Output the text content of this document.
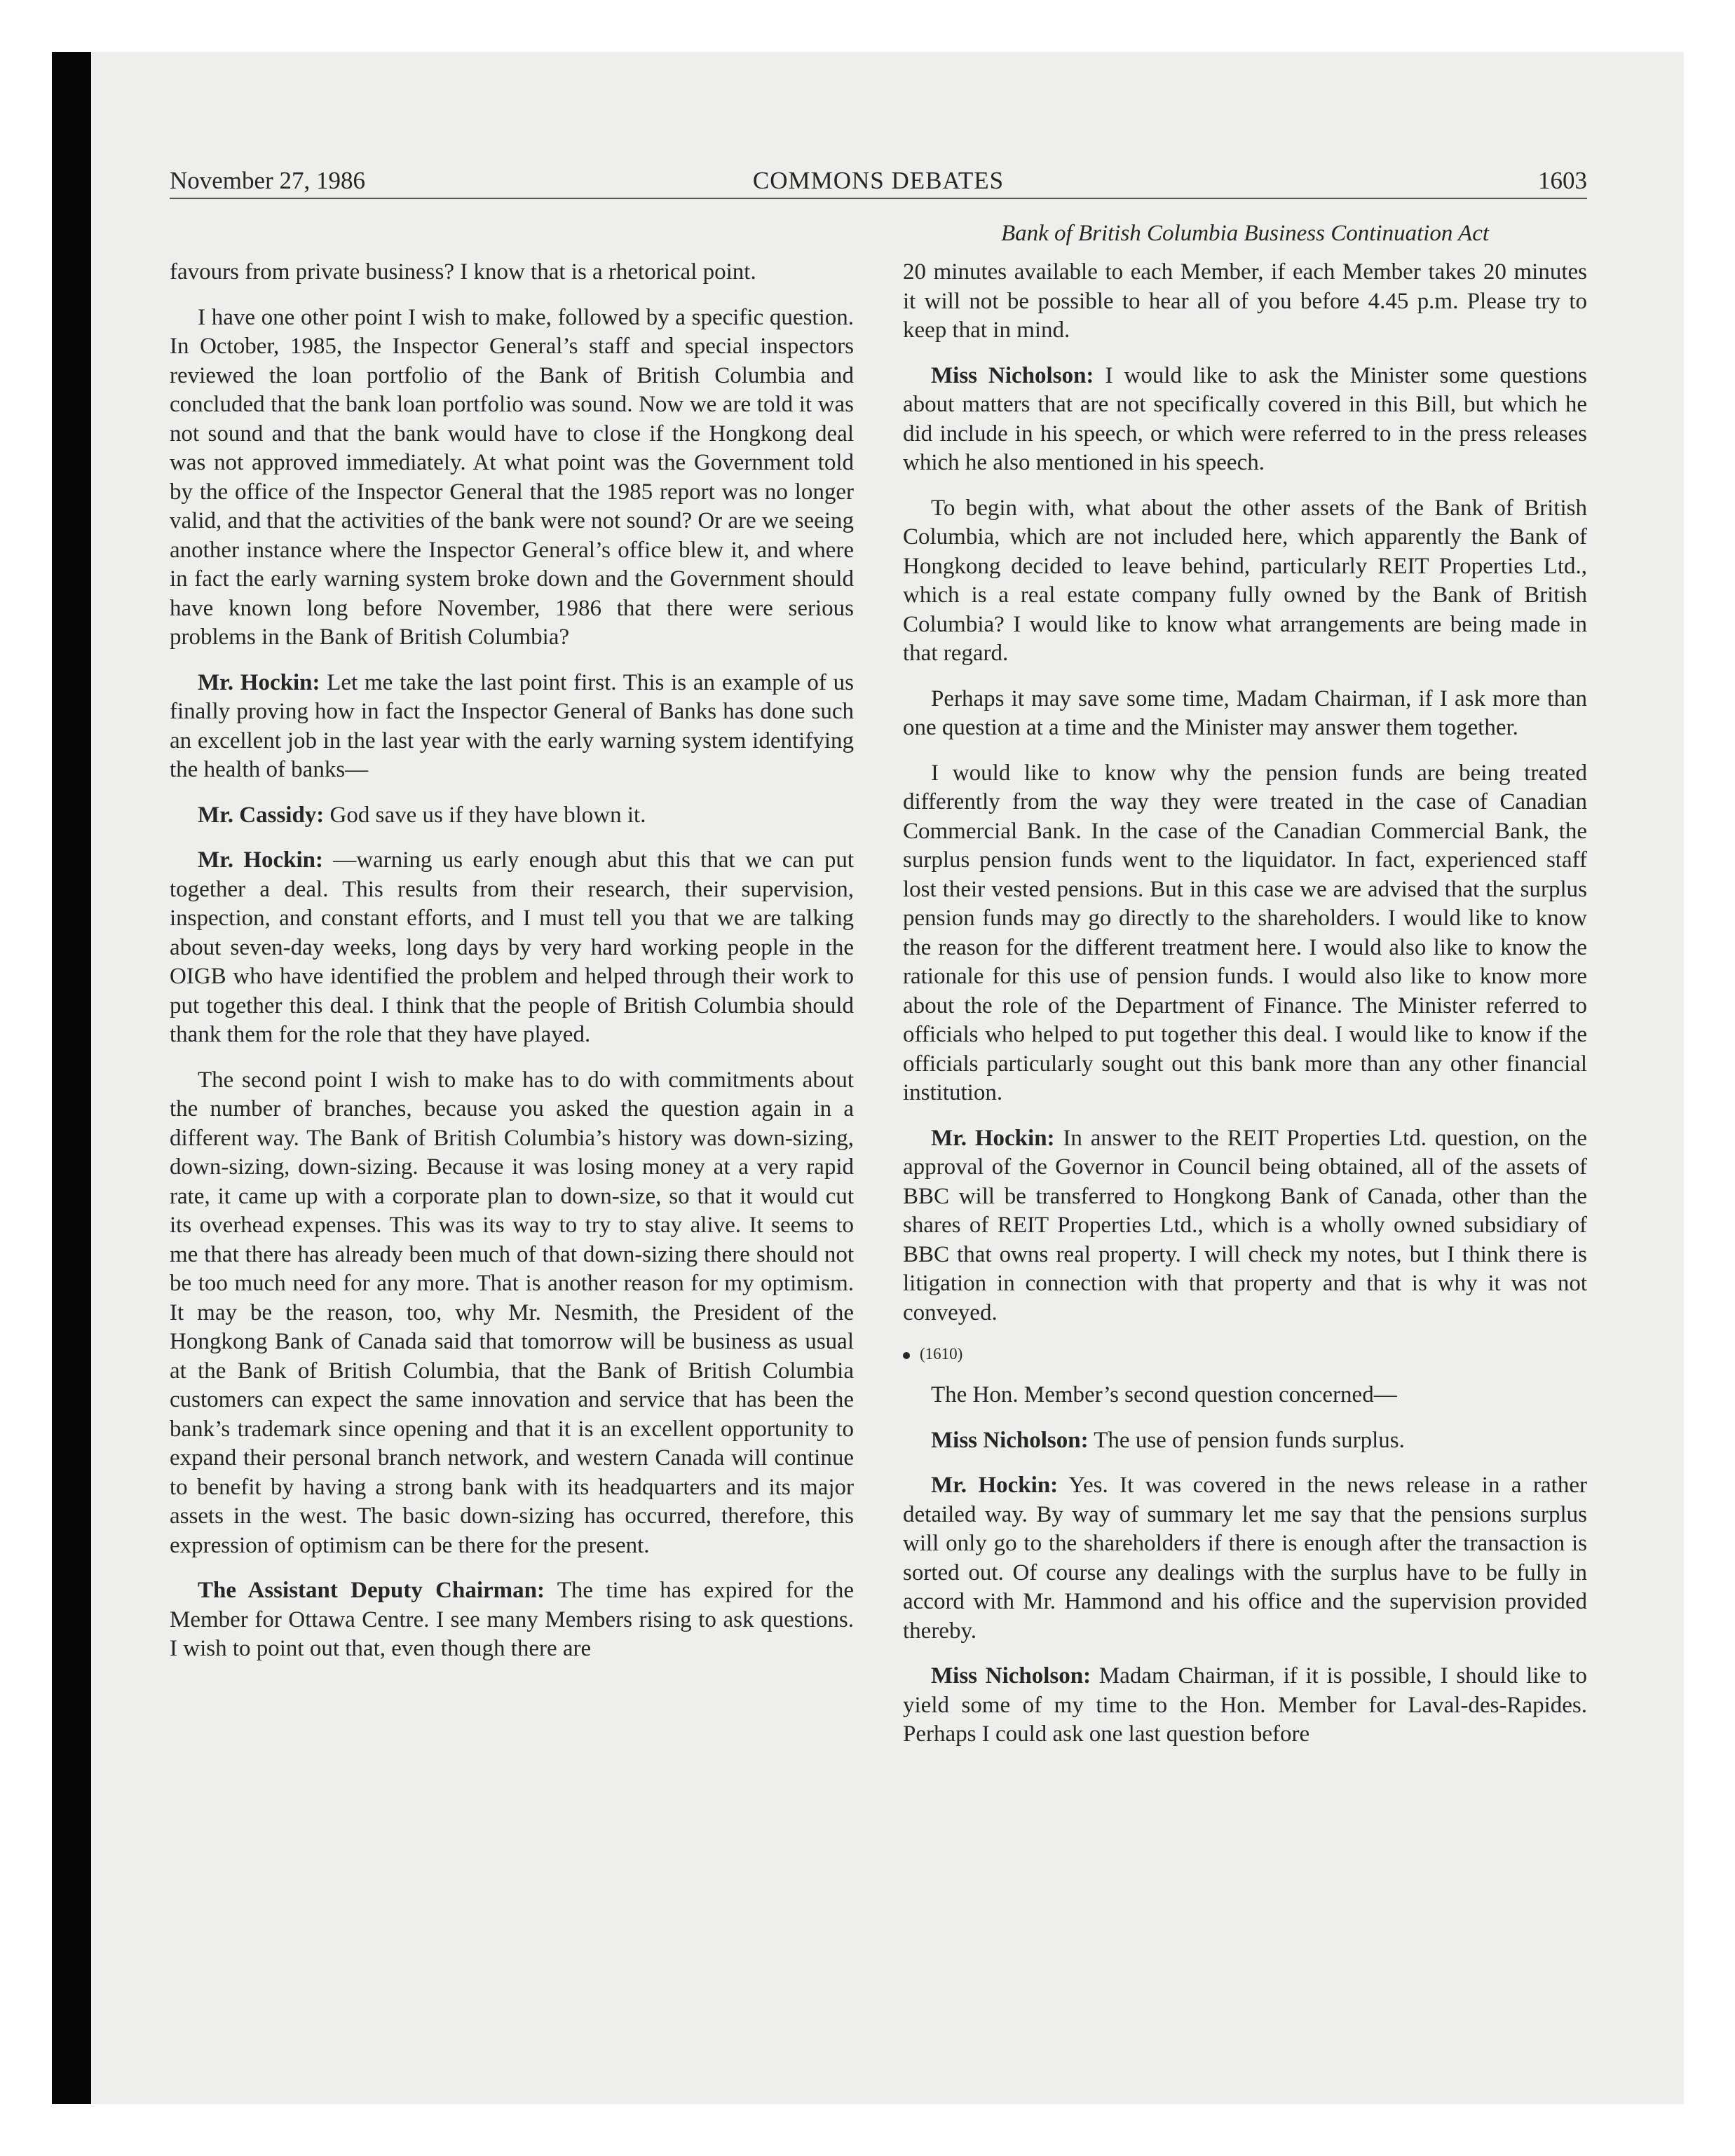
November 27, 1986	COMMONS DEBATES	1603
Bank of British Columbia Business Continuation Act

favours from private business? I know that is a rhetorical point.

I have one other point I wish to make, followed by a specific question. In October, 1985, the Inspector General’s staff and special inspectors reviewed the loan portfolio of the Bank of British Columbia and concluded that the bank loan portfolio was sound. Now we are told it was not sound and that the bank would have to close if the Hongkong deal was not approved immediately. At what point was the Government told by the office of the Inspector General that the 1985 report was no longer valid, and that the activities of the bank were not sound? Or are we seeing another instance where the Inspector General’s office blew it, and where in fact the early warning system broke down and the Government should have known long before November, 1986 that there were serious problems in the Bank of British Columbia?

Mr. Hockin: Let me take the last point first. This is an example of us finally proving how in fact the Inspector General of Banks has done such an excellent job in the last year with the early warning system identifying the health of banks—

Mr. Cassidy: God save us if they have blown it.

Mr. Hockin: —warning us early enough abut this that we can put together a deal. This results from their research, their supervision, inspection, and constant efforts, and I must tell you that we are talking about seven-day weeks, long days by very hard working people in the OIGB who have identified the problem and helped through their work to put together this deal. I think that the people of British Columbia should thank them for the role that they have played.

The second point I wish to make has to do with commitments about the number of branches, because you asked the question again in a different way. The Bank of British Columbia’s history was down-sizing, down-sizing, down-sizing. Because it was losing money at a very rapid rate, it came up with a corporate plan to down-size, so that it would cut its overhead expenses. This was its way to try to stay alive. It seems to me that there has already been much of that down-sizing there should not be too much need for any more. That is another reason for my optimism. It may be the reason, too, why Mr. Nesmith, the President of the Hongkong Bank of Canada said that tomorrow will be business as usual at the Bank of British Columbia, that the Bank of British Columbia customers can expect the same innovation and service that has been the bank’s trademark since opening and that it is an excellent opportunity to expand their personal branch network, and western Canada will continue to benefit by having a strong bank with its headquarters and its major assets in the west. The basic down-sizing has occurred, therefore, this expression of optimism can be there for the present.

The Assistant Deputy Chairman: The time has expired for the Member for Ottawa Centre. I see many Members rising to ask questions. I wish to point out that, even though there are

20 minutes available to each Member, if each Member takes 20 minutes it will not be possible to hear all of you before 4.45 p.m. Please try to keep that in mind.

Miss Nicholson: I would like to ask the Minister some questions about matters that are not specifically covered in this Bill, but which he did include in his speech, or which were referred to in the press releases which he also mentioned in his speech.

To begin with, what about the other assets of the Bank of British Columbia, which are not included here, which apparently the Bank of Hongkong decided to leave behind, particularly REIT Properties Ltd., which is a real estate company fully owned by the Bank of British Columbia? I would like to know what arrangements are being made in that regard.

Perhaps it may save some time, Madam Chairman, if I ask more than one question at a time and the Minister may answer them together.

I would like to know why the pension funds are being treated differently from the way they were treated in the case of Canadian Commercial Bank. In the case of the Canadian Commercial Bank, the surplus pension funds went to the liquidator. In fact, experienced staff lost their vested pensions. But in this case we are advised that the surplus pension funds may go directly to the shareholders. I would like to know the reason for the different treatment here. I would also like to know the rationale for this use of pension funds. I would also like to know more about the role of the Department of Finance. The Minister referred to officials who helped to put together this deal. I would like to know if the officials particularly sought out this bank more than any other financial institution.

Mr. Hockin: In answer to the REIT Properties Ltd. question, on the approval of the Governor in Council being obtained, all of the assets of BBC will be transferred to Hongkong Bank of Canada, other than the shares of REIT Properties Ltd., which is a wholly owned subsidiary of BBC that owns real property. I will check my notes, but I think there is litigation in connection with that property and that is why it was not conveyed.

(1610)

The Hon. Member’s second question concerned—

Miss Nicholson: The use of pension funds surplus.

Mr. Hockin: Yes. It was covered in the news release in a rather detailed way. By way of summary let me say that the pensions surplus will only go to the shareholders if there is enough after the transaction is sorted out. Of course any dealings with the surplus have to be fully in accord with Mr. Hammond and his office and the supervision provided thereby.

Miss Nicholson: Madam Chairman, if it is possible, I should like to yield some of my time to the Hon. Member for Laval-des-Rapides. Perhaps I could ask one last question before
